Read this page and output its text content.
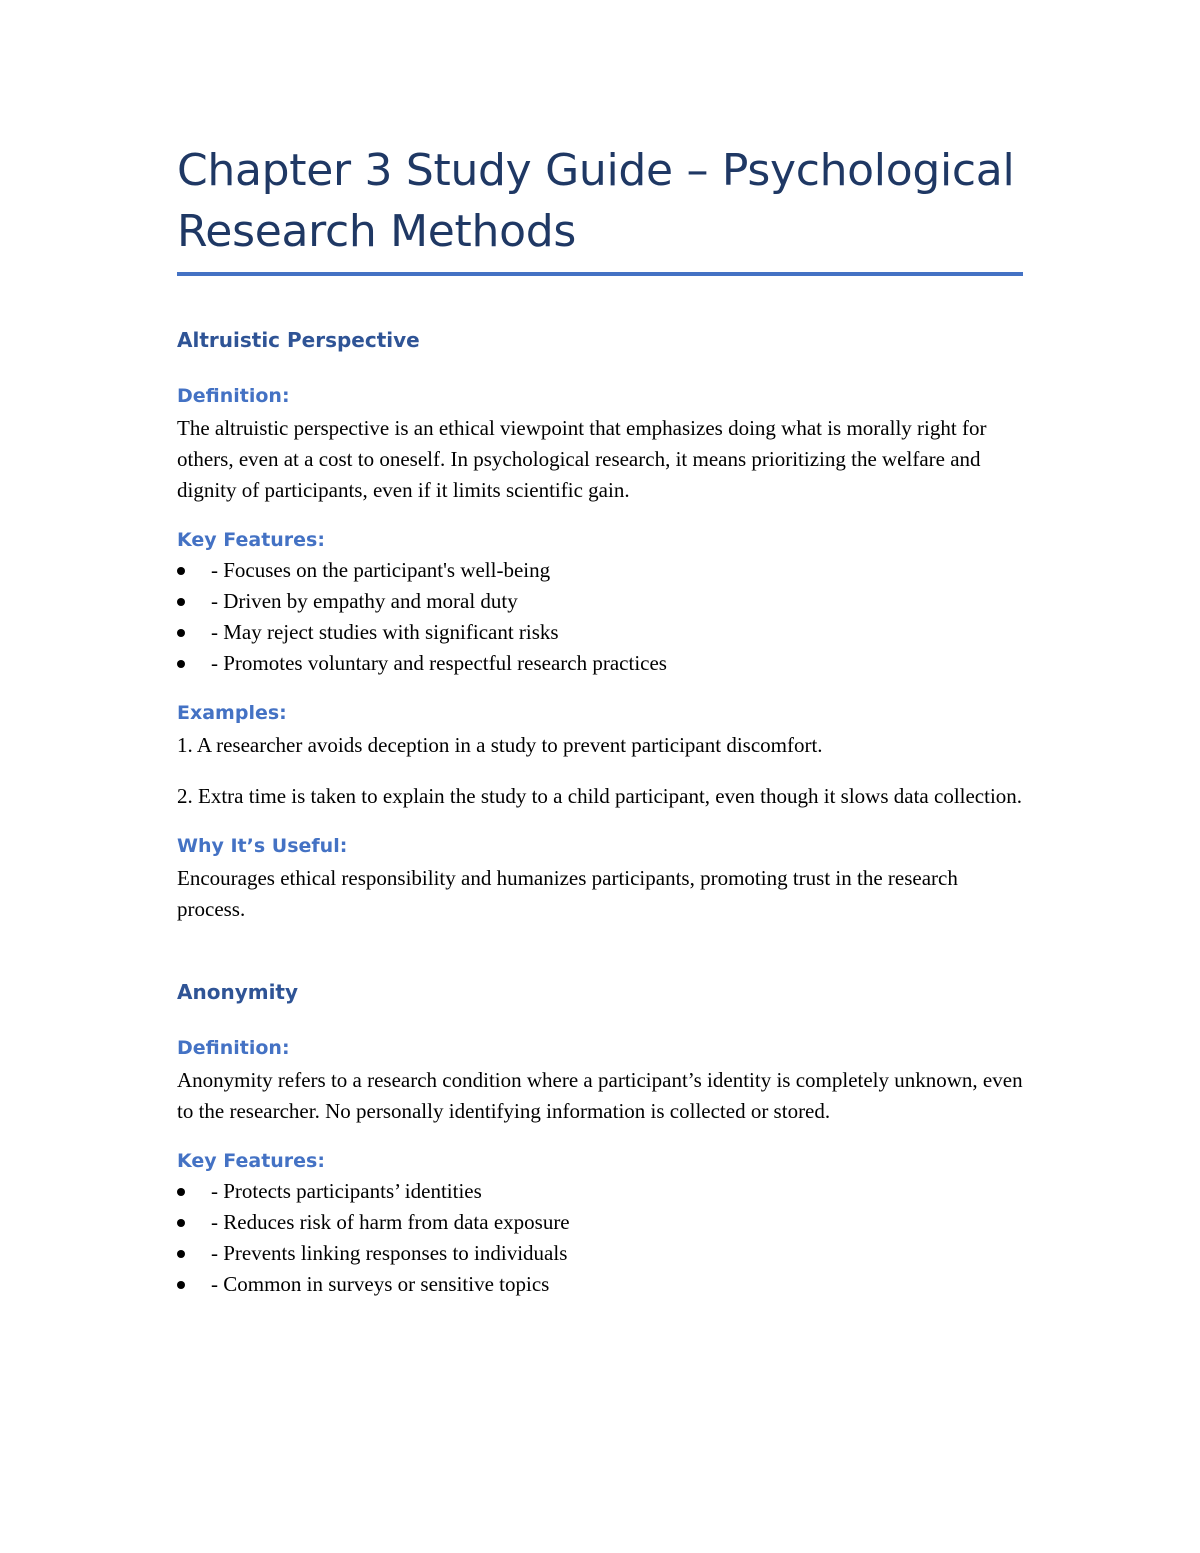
Chapter 3 Study Guide – Psychological Research Methods
Altruistic Perspective
Definition:

The altruistic perspective is an ethical viewpoint that emphasizes doing what is morally right for others, even at a cost to oneself. In psychological research, it means prioritizing the welfare and dignity of participants, even if it limits scientific gain.

Key Features:
- Focuses on the participant's well-being
- Driven by empathy and moral duty
- May reject studies with significant risks
- Promotes voluntary and respectful research practices
Examples:

1. A researcher avoids deception in a study to prevent participant discomfort.

2. Extra time is taken to explain the study to a child participant, even though it slows data collection.

Why It’s Useful:

Encourages ethical responsibility and humanizes participants, promoting trust in the research process.

Anonymity
Definition:

Anonymity refers to a research condition where a participant’s identity is completely unknown, even to the researcher. No personally identifying information is collected or stored.

Key Features:
- Protects participants’ identities
- Reduces risk of harm from data exposure
- Prevents linking responses to individuals
- Common in surveys or sensitive topics
